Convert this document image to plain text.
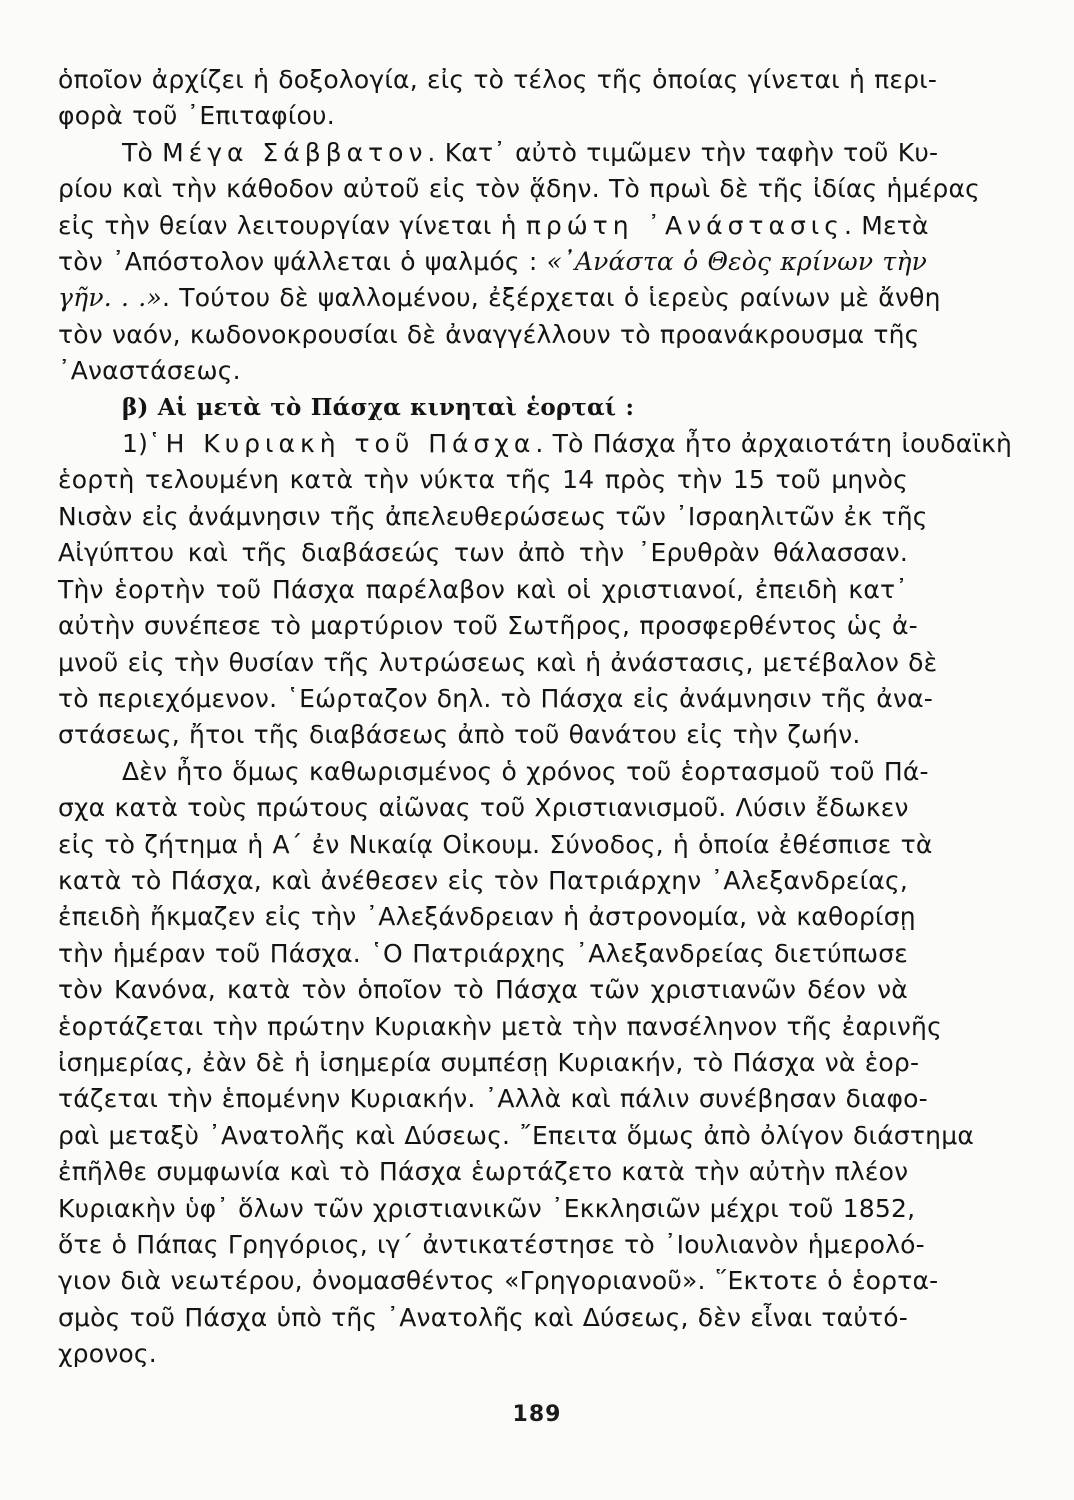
ὁποῖον ἀρχίζει ἡ δοξολογία, εἰς τὸ τέλος τῆς ὁποίας γίνεται ἡ περι-
φορὰ τοῦ ᾿Επιταφίου.
Τὸ Μέγα Σάββατον. Κατ᾿ αὐτὸ τιμῶμεν τὴν ταφὴν τοῦ Κυ-
ρίου καὶ τὴν κάθοδον αὐτοῦ εἰς τὸν ᾅδην. Τὸ πρωὶ δὲ τῆς ἰδίας ἡμέρας
εἰς τὴν θείαν λειτουργίαν γίνεται ἡ πρώτη ᾿Ανάστασις. Μετὰ
τὸν ᾿Απόστολον ψάλλεται ὁ ψαλμός : «᾿Ανάστα ὁ Θεὸς κρίνων τὴν
γῆν. . .». Τούτου δὲ ψαλλομένου, ἐξέρχεται ὁ ἱερεὺς ραίνων μὲ ἄνθη
τὸν ναόν, κωδονοκρουσίαι δὲ ἀναγγέλλουν τὸ προανάκρουσμα τῆς
᾿Αναστάσεως.
β) Αἱ μετὰ τὸ Πάσχα κινηταὶ ἑορταί :
1)῾Η Κυριακὴ τοῦ Πάσχα. Τὸ Πάσχα ἦτο ἀρχαιοτάτη ἰουδαϊκὴ
ἑορτὴ τελουμένη κατὰ τὴν νύκτα τῆς 14 πρὸς τὴν 15 τοῦ μηνὸς
Νισὰν εἰς ἀνάμνησιν τῆς ἀπελευθερώσεως τῶν ᾿Ισραηλιτῶν ἐκ τῆς
Αἰγύπτου καὶ τῆς διαβάσεώς των ἀπὸ τὴν ᾿Ερυθρὰν θάλασσαν.
Τὴν ἑορτὴν τοῦ Πάσχα παρέλαβον καὶ οἱ χριστιανοί, ἐπειδὴ κατ᾿
αὐτὴν συνέπεσε τὸ μαρτύριον τοῦ Σωτῆρος, προσφερθέντος ὡς ἀ-
μνοῦ εἰς τὴν θυσίαν τῆς λυτρώσεως καὶ ἡ ἀνάστασις, μετέβαλον δὲ
τὸ περιεχόμενον. ῾Εώρταζον δηλ. τὸ Πάσχα εἰς ἀνάμνησιν τῆς ἀνα-
στάσεως, ἤτοι τῆς διαβάσεως ἀπὸ τοῦ θανάτου εἰς τὴν ζωήν.
Δὲν ἦτο ὅμως καθωρισμένος ὁ χρόνος τοῦ ἑορτασμοῦ τοῦ Πά-
σχα κατὰ τοὺς πρώτους αἰῶνας τοῦ Χριστιανισμοῦ. Λύσιν ἔδωκεν
εἰς τὸ ζήτημα ἡ Α΄ ἐν Νικαίᾳ Οἰκουμ. Σύνοδος, ἡ ὁποία ἐθέσπισε τὰ
κατὰ τὸ Πάσχα, καὶ ἀνέθεσεν εἰς τὸν Πατριάρχην ᾿Αλεξανδρείας,
ἐπειδὴ ἤκμαζεν εἰς τὴν ᾿Αλεξάνδρειαν ἡ ἀστρονομία, νὰ καθορίσῃ
τὴν ἡμέραν τοῦ Πάσχα. ῾Ο Πατριάρχης ᾿Αλεξανδρείας διετύπωσε
τὸν Κανόνα, κατὰ τὸν ὁποῖον τὸ Πάσχα τῶν χριστιανῶν δέον νὰ
ἑορτάζεται τὴν πρώτην Κυριακὴν μετὰ τὴν πανσέληνον τῆς ἐαρινῆς
ἰσημερίας, ἐὰν δὲ ἡ ἰσημερία συμπέσῃ Κυριακήν, τὸ Πάσχα νὰ ἑορ-
τάζεται τὴν ἑπομένην Κυριακήν. ᾿Αλλὰ καὶ πάλιν συνέβησαν διαφο-
ραὶ μεταξὺ ᾿Ανατολῆς καὶ Δύσεως. ῎Επειτα ὅμως ἀπὸ ὀλίγον διάστημα
ἐπῆλθε συμφωνία καὶ τὸ Πάσχα ἑωρτάζετο κατὰ τὴν αὐτὴν πλέον
Κυριακὴν ὑφ᾿ ὅλων τῶν χριστιανικῶν ᾿Εκκλησιῶν μέχρι τοῦ 1852,
ὅτε ὁ Πάπας Γρηγόριος, ιγ΄ ἀντικατέστησε τὸ ᾿Ιουλιανὸν ἡμερολό-
γιον διὰ νεωτέρου, ὀνομασθέντος «Γρηγοριανοῦ». ῞Εκτοτε ὁ ἑορτα-
σμὸς τοῦ Πάσχα ὑπὸ τῆς ᾿Ανατολῆς καὶ Δύσεως, δὲν εἶναι ταὐτό-
χρονος.
189
